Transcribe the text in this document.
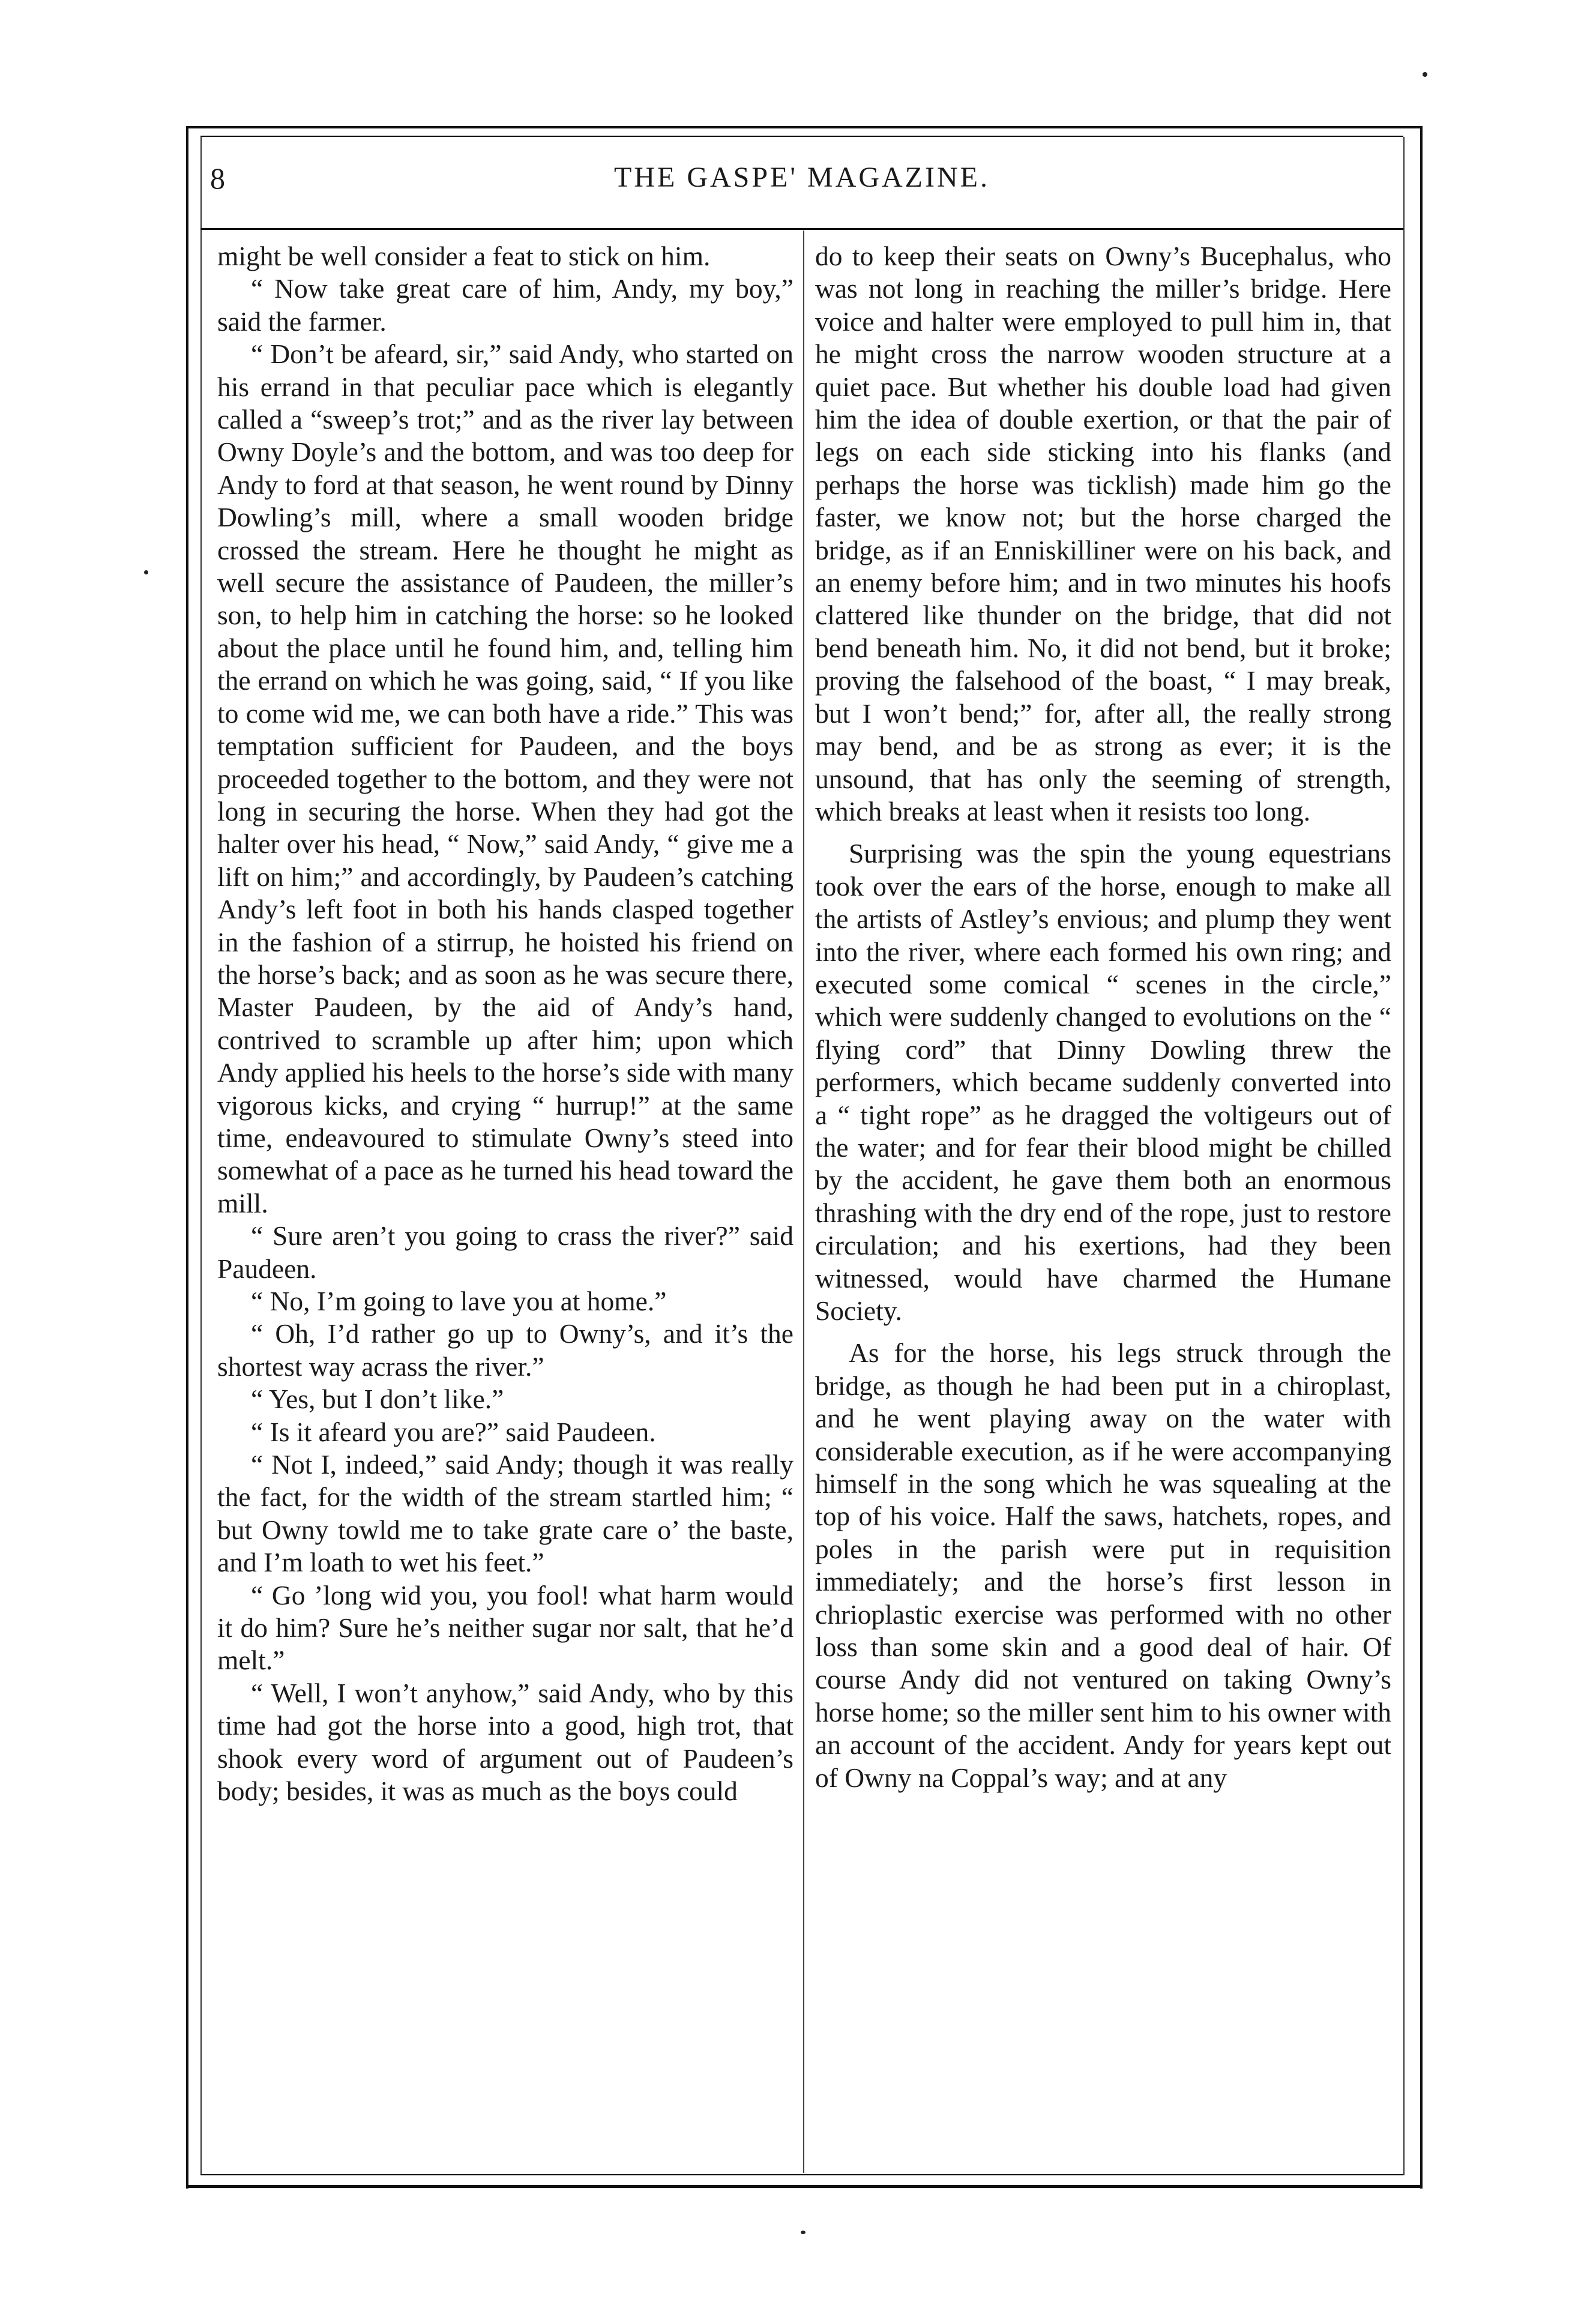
THE GASPE' MAGAZINE.
8

might be well consider a feat to stick on him.

“ Now take great care of him, Andy, my boy,” said the farmer.

“ Don’t be afeard, sir,” said Andy, who started on his errand in that peculiar pace which is elegantly called a “sweep’s trot;” and as the river lay between Owny Doyle’s and the bottom, and was too deep for Andy to ford at that season, he went round by Dinny Dowling’s mill, where a small wooden bridge crossed the stream. Here he thought he might as well secure the assistance of Paudeen, the miller’s son, to help him in catching the horse: so he looked about the place until he found him, and, telling him the errand on which he was going, said, “ If you like to come wid me, we can both have a ride.” This was temptation sufficient for Paudeen, and the boys proceeded together to the bottom, and they were not long in securing the horse. When they had got the halter over his head, “ Now,” said Andy, “ give me a lift on him;” and accordingly, by Paudeen’s catching Andy’s left foot in both his hands clasped together in the fashion of a stirrup, he hoisted his friend on the horse’s back; and as soon as he was secure there, Master Paudeen, by the aid of Andy’s hand, contrived to scramble up after him; upon which Andy applied his heels to the horse’s side with many vigorous kicks, and crying “ hurrup!” at the same time, endeavoured to stimulate Owny’s steed into somewhat of a pace as he turned his head toward the mill.

“ Sure aren’t you going to crass the river?” said Paudeen.

“ No, I’m going to lave you at home.”

“ Oh, I’d rather go up to Owny’s, and it’s the shortest way acrass the river.”

“ Yes, but I don’t like.”

“ Is it afeard you are?” said Paudeen.

“ Not I, indeed,” said Andy; though it was really the fact, for the width of the stream startled him; “ but Owny towld me to take grate care o’ the baste, and I’m loath to wet his feet.”

“ Go ’long wid you, you fool! what harm would it do him? Sure he’s neither sugar nor salt, that he’d melt.”

“ Well, I won’t anyhow,” said Andy, who by this time had got the horse into a good, high trot, that shook every word of argument out of Paudeen’s body; besides, it was as much as the boys could

do to keep their seats on Owny’s Bucephalus, who was not long in reaching the miller’s bridge. Here voice and halter were employed to pull him in, that he might cross the narrow wooden structure at a quiet pace. But whether his double load had given him the idea of double exertion, or that the pair of legs on each side sticking into his flanks (and perhaps the horse was ticklish) made him go the faster, we know not; but the horse charged the bridge, as if an Enniskilliner were on his back, and an enemy before him; and in two minutes his hoofs clattered like thunder on the bridge, that did not bend beneath him. No, it did not bend, but it broke; proving the falsehood of the boast, “ I may break, but I won’t bend;” for, after all, the really strong may bend, and be as strong as ever; it is the unsound, that has only the seeming of strength, which breaks at least when it resists too long.

Surprising was the spin the young equestrians took over the ears of the horse, enough to make all the artists of Astley’s envious; and plump they went into the river, where each formed his own ring; and executed some comical “ scenes in the circle,” which were suddenly changed to evolutions on the “ flying cord” that Dinny Dowling threw the performers, which became suddenly converted into a “ tight rope” as he dragged the voltigeurs out of the water; and for fear their blood might be chilled by the accident, he gave them both an enormous thrashing with the dry end of the rope, just to restore circulation; and his exertions, had they been witnessed, would have charmed the Humane Society.

As for the horse, his legs struck through the bridge, as though he had been put in a chiroplast, and he went playing away on the water with considerable execution, as if he were accompanying himself in the song which he was squealing at the top of his voice. Half the saws, hatchets, ropes, and poles in the parish were put in requisition immediately; and the horse’s first lesson in chrioplastic exercise was performed with no other loss than some skin and a good deal of hair. Of course Andy did not ventured on taking Owny’s horse home; so the miller sent him to his owner with an account of the accident. Andy for years kept out of Owny na Coppal’s way; and at any
